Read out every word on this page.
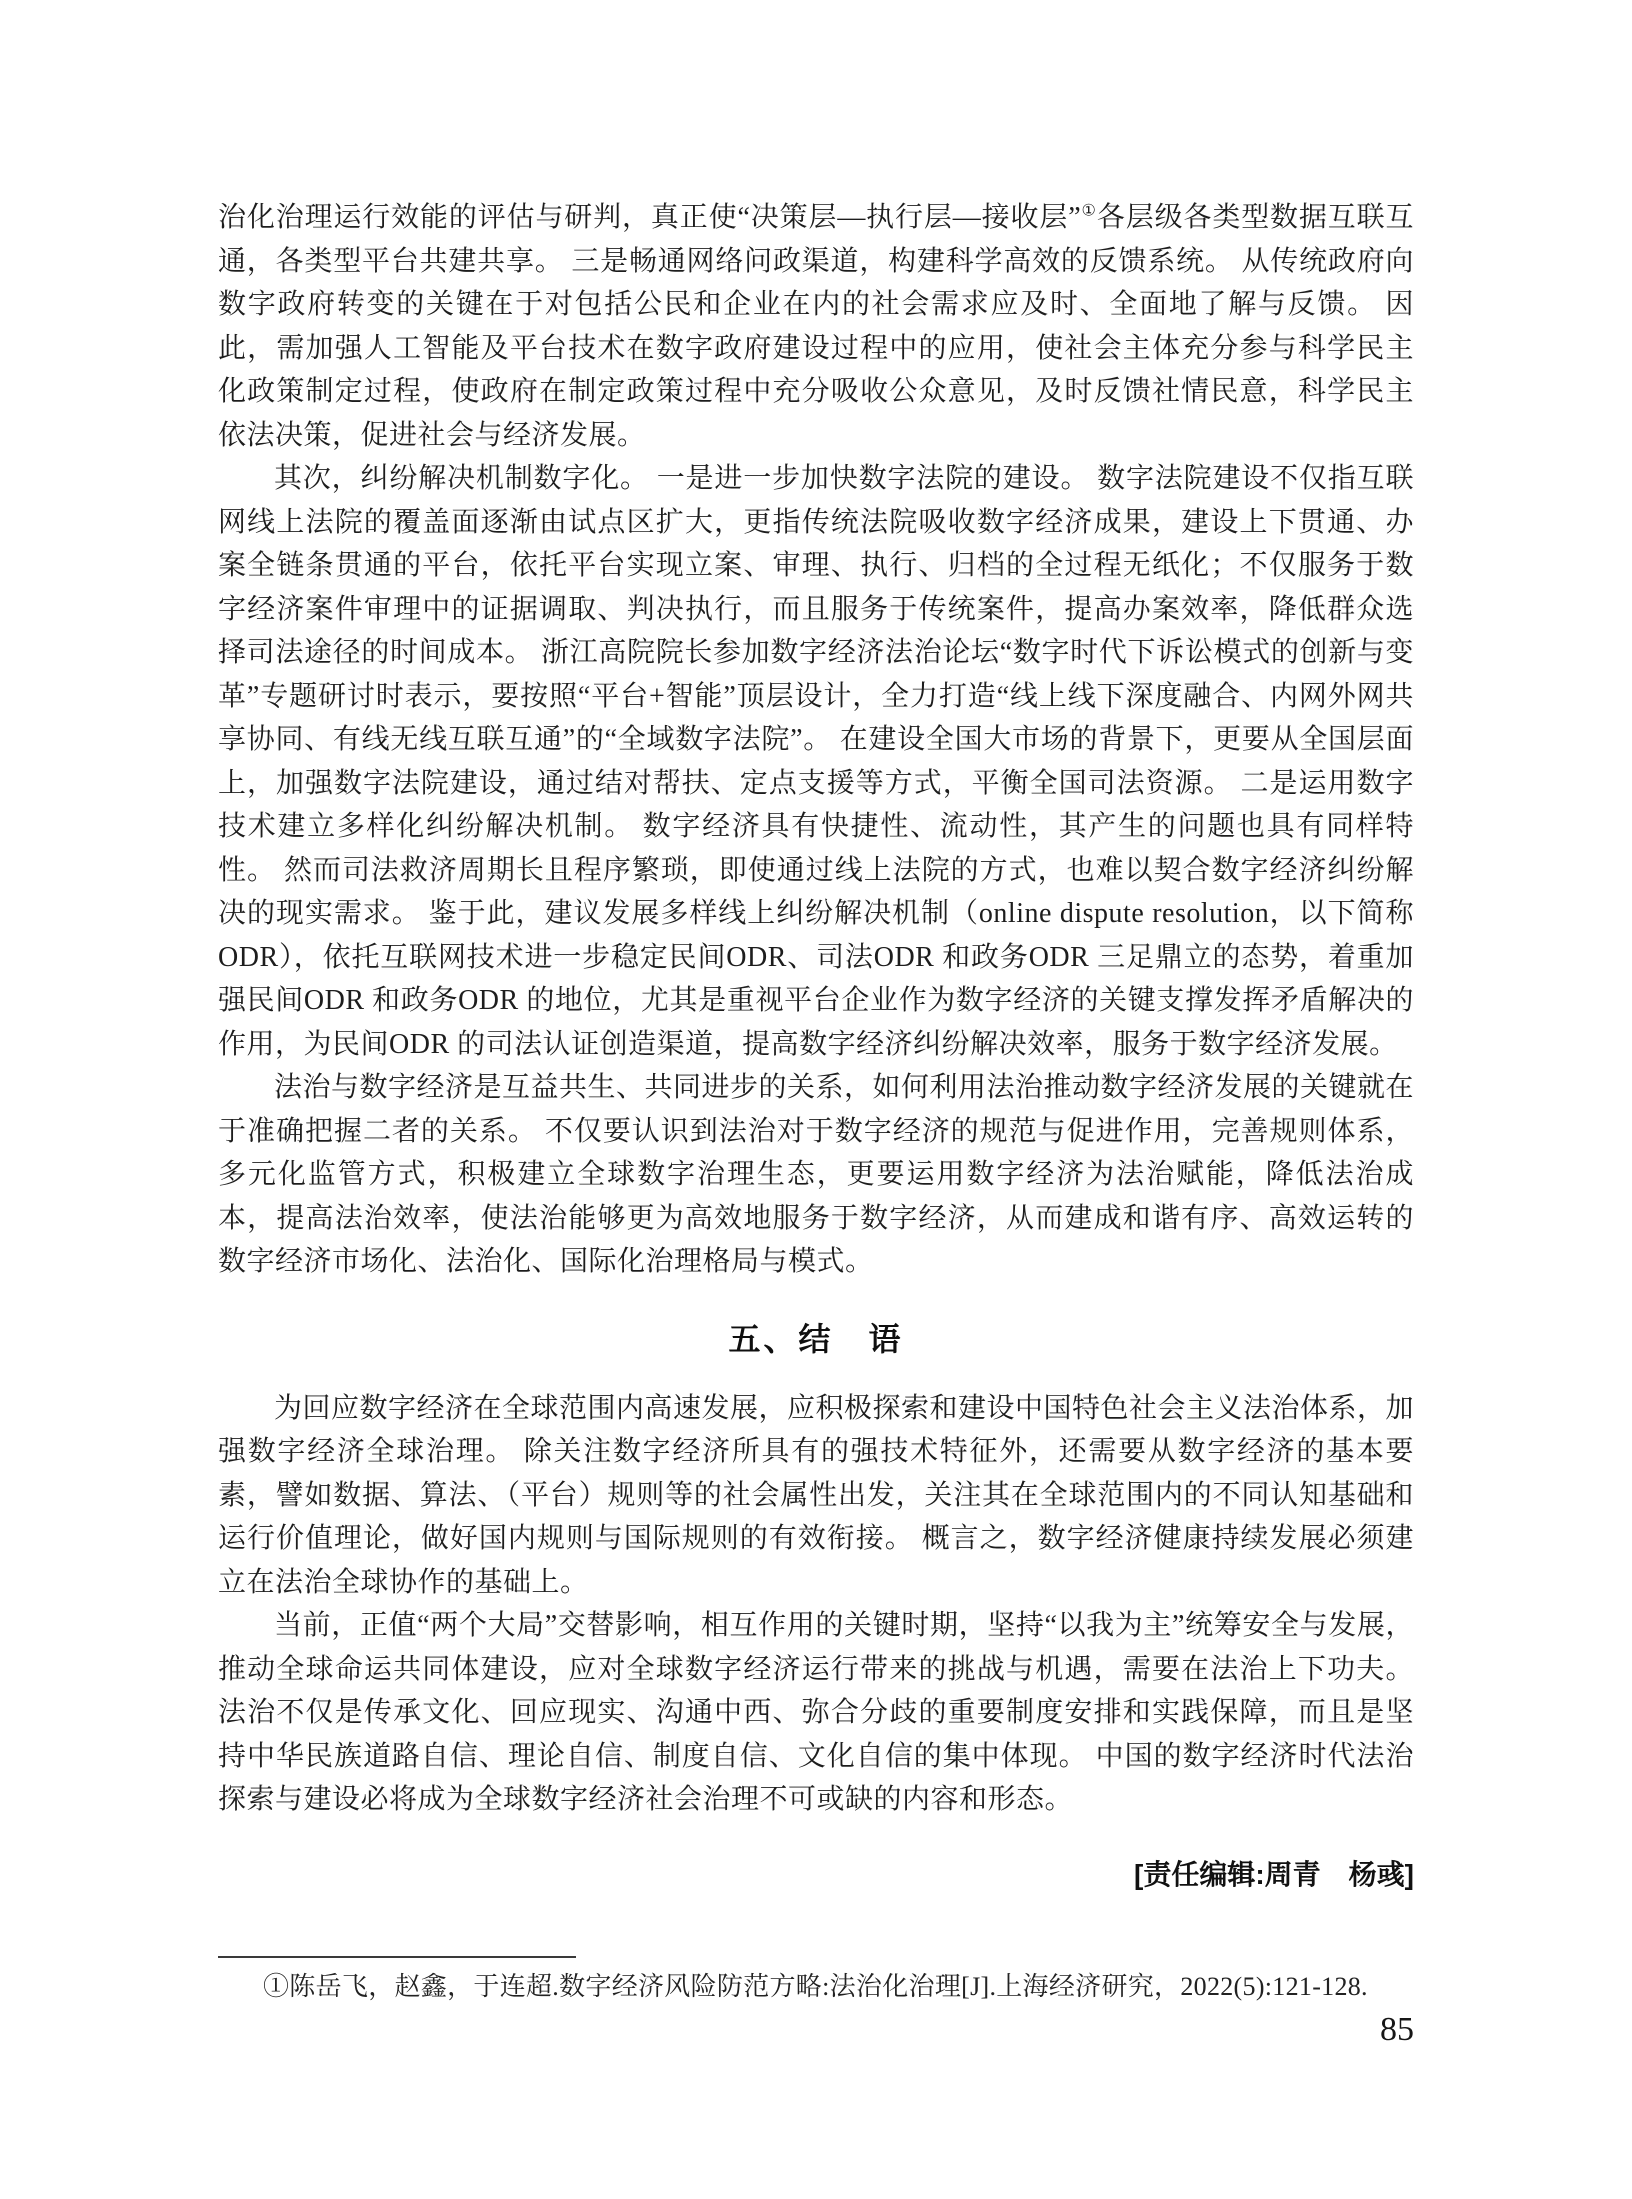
治化治理运行效能的评估与研判，真正使“决策层—执行层—接收层”①各层级各类型数据互联互通，各类型平台共建共享。 三是畅通网络问政渠道，构建科学高效的反馈系统。 从传统政府向数字政府转变的关键在于对包括公民和企业在内的社会需求应及时、全面地了解与反馈。 因此，需加强人工智能及平台技术在数字政府建设过程中的应用，使社会主体充分参与科学民主化政策制定过程，使政府在制定政策过程中充分吸收公众意见，及时反馈社情民意，科学民主依法决策，促进社会与经济发展。

其次，纠纷解决机制数字化。 一是进一步加快数字法院的建设。 数字法院建设不仅指互联网线上法院的覆盖面逐渐由试点区扩大，更指传统法院吸收数字经济成果，建设上下贯通、办案全链条贯通的平台，依托平台实现立案、审理、执行、归档的全过程无纸化；不仅服务于数字经济案件审理中的证据调取、判决执行，而且服务于传统案件，提高办案效率，降低群众选择司法途径的时间成本。 浙江高院院长参加数字经济法治论坛“数字时代下诉讼模式的创新与变革”专题研讨时表示，要按照“平台+智能”顶层设计，全力打造“线上线下深度融合、内网外网共享协同、有线无线互联互通”的“全域数字法院”。 在建设全国大市场的背景下，更要从全国层面上，加强数字法院建设，通过结对帮扶、定点支援等方式，平衡全国司法资源。 二是运用数字技术建立多样化纠纷解决机制。 数字经济具有快捷性、流动性，其产生的问题也具有同样特性。 然而司法救济周期长且程序繁琐，即使通过线上法院的方式，也难以契合数字经济纠纷解决的现实需求。 鉴于此，建议发展多样线上纠纷解决机制（online dispute resolution，以下简称ODR），依托互联网技术进一步稳定民间ODR、司法ODR 和政务ODR 三足鼎立的态势，着重加强民间ODR 和政务ODR 的地位，尤其是重视平台企业作为数字经济的关键支撑发挥矛盾解决的作用，为民间ODR 的司法认证创造渠道，提高数字经济纠纷解决效率，服务于数字经济发展。

法治与数字经济是互益共生、共同进步的关系，如何利用法治推动数字经济发展的关键就在于准确把握二者的关系。 不仅要认识到法治对于数字经济的规范与促进作用，完善规则体系，多元化监管方式，积极建立全球数字治理生态，更要运用数字经济为法治赋能，降低法治成本，提高法治效率，使法治能够更为高效地服务于数字经济，从而建成和谐有序、高效运转的数字经济市场化、法治化、国际化治理格局与模式。

五、结　语

为回应数字经济在全球范围内高速发展，应积极探索和建设中国特色社会主义法治体系，加强数字经济全球治理。 除关注数字经济所具有的强技术特征外，还需要从数字经济的基本要素，譬如数据、算法、（平台）规则等的社会属性出发，关注其在全球范围内的不同认知基础和运行价值理论，做好国内规则与国际规则的有效衔接。 概言之，数字经济健康持续发展必须建立在法治全球协作的基础上。

当前，正值“两个大局”交替影响，相互作用的关键时期，坚持“以我为主”统筹安全与发展，推动全球命运共同体建设，应对全球数字经济运行带来的挑战与机遇，需要在法治上下功夫。 法治不仅是传承文化、回应现实、沟通中西、弥合分歧的重要制度安排和实践保障，而且是坚持中华民族道路自信、理论自信、制度自信、文化自信的集中体现。 中国的数字经济时代法治探索与建设必将成为全球数字经济社会治理不可或缺的内容和形态。

[责任编辑:周青　杨彧]

①陈岳飞，赵鑫，于连超.数字经济风险防范方略:法治化治理[J].上海经济研究，2022(5):121-128.

85
